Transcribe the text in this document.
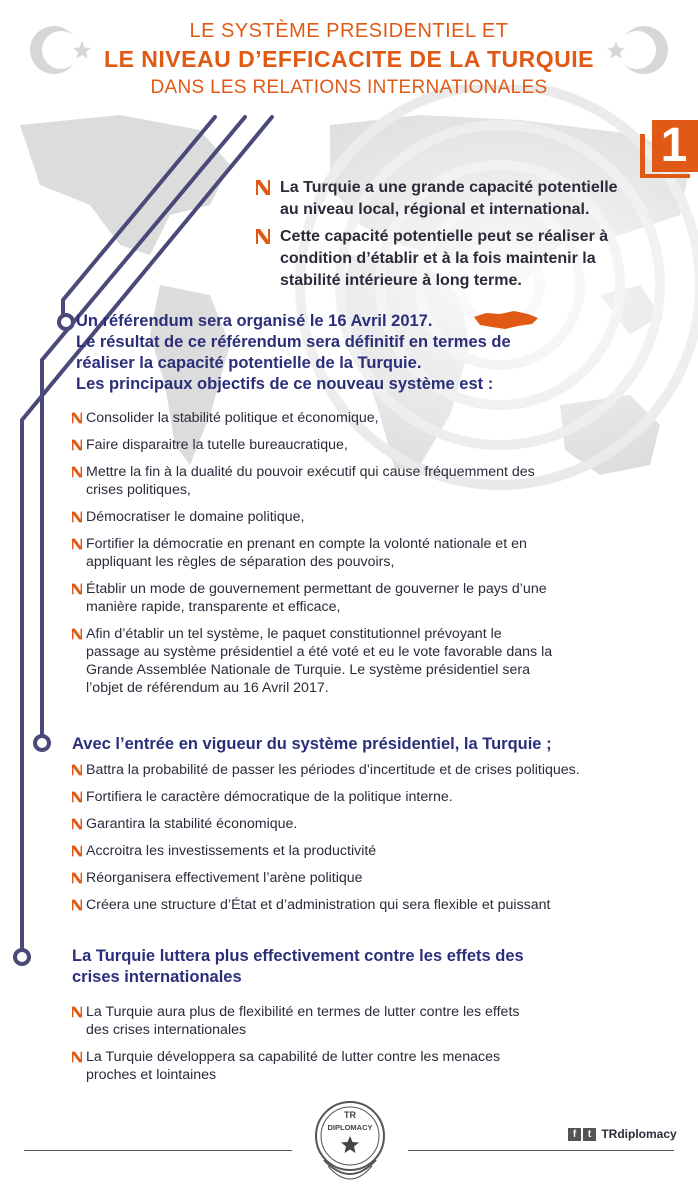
LE SYSTÈME PRESIDENTIEL ET
LE NIVEAU D’EFFICACITE DE LA TURQUIE
DANS LES RELATIONS INTERNATIONALES
1
La Turquie a une grande capacité potentielle
au niveau local, régional et international.
Cette capacité potentielle peut se réaliser à
condition d’établir et à la fois maintenir la
stabilité intérieure à long terme.
Un référendum sera organisé le 16 Avril 2017.
Le résultat de ce référendum sera définitif en termes de
réaliser la capacité potentielle de la Turquie.
Les principaux objectifs de ce nouveau système est :
Consolider la stabilité politique et économique,
Faire disparaitre la tutelle bureaucratique,
Mettre la fin à la dualité du pouvoir exécutif qui cause fréquemment des
crises politiques,
Démocratiser le domaine politique,
Fortifier la démocratie en prenant en compte la volonté nationale et en
appliquant les règles de séparation des pouvoirs,
Établir un mode de gouvernement permettant de gouverner le pays d’une
manière rapide, transparente et efficace,
Afin d’établir un tel système, le paquet constitutionnel prévoyant le
passage au système présidentiel a été voté et eu le vote favorable dans la
Grande Assemblée Nationale de Turquie. Le système présidentiel sera
l’objet de référendum au 16 Avril 2017.
Avec l’entrée en vigueur du système présidentiel, la Turquie ;
Battra la probabilité de passer les périodes d’incertitude et de crises politiques.
Fortifiera le caractère démocratique de la politique interne.
Garantira la stabilité économique.
Accroitra les investissements et la productivité
Réorganisera effectivement l’arène politique
Créera une structure d’État et d’administration qui sera flexible et puissant
La Turquie luttera plus effectivement contre les effets des
crises internationales
La Turquie aura plus de flexibilité en termes de lutter contre les effets
des crises internationales
La Turquie développera sa capabilité de lutter contre les menaces
proches et lointaines
TR
DIPLOMACY
f t TRdiplomacy
